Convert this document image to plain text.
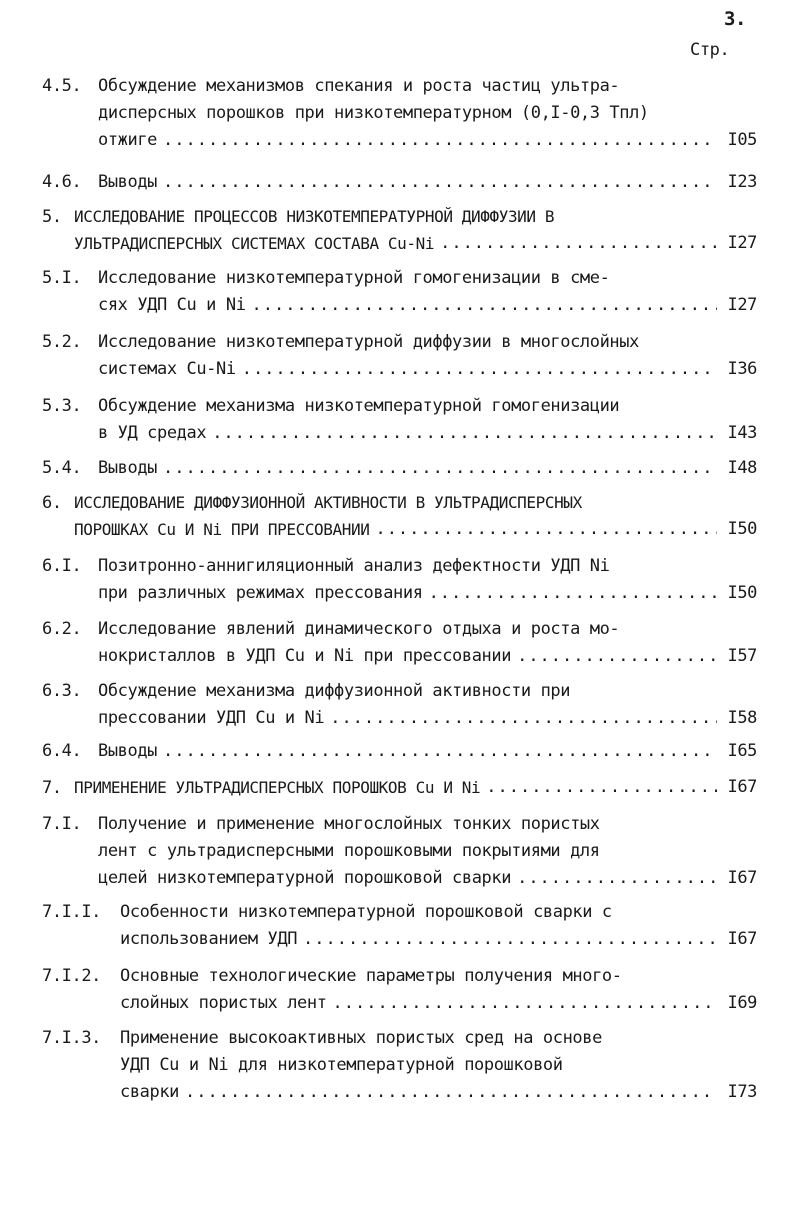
3.
Стр.
4.5. Обсуждение механизмов спекания и роста частиц ультра-
дисперсных порошков при низкотемпературном (0,I-0,3 Tпл)
отжиге .....	I05
4.6. Выводы .....	I23
5. ИССЛЕДОВАНИЕ ПРОЦЕССОВ НИЗКОТЕМПЕРАТУРНОЙ ДИФФУЗИИ В
УЛЬТРАДИСПЕРСНЫХ СИСТЕМАХ СОСТАВА Cu-Ni .....	I27
5.I. Исследование низкотемпературной гомогенизации в сме-
сях УДП Cu и Ni .....	I27
5.2. Исследование низкотемпературной диффузии в многослойных
системах Cu-Ni .....	I36
5.3. Обсуждение механизма низкотемпературной гомогенизации
в УД средах .....	I43
5.4. Выводы .....	I48
6. ИССЛЕДОВАНИЕ ДИФФУЗИОННОЙ АКТИВНОСТИ В УЛЬТРАДИСПЕРСНЫХ
ПОРОШКАХ Cu И Ni ПРИ ПРЕССОВАНИИ .....	I50
6.I. Позитронно-аннигиляционный анализ дефектности УДП Ni
при различных режимах прессования .....	I50
6.2. Исследование явлений динамического отдыха и роста мо-
нокристаллов в УДП Cu и Ni при прессовании .....	I57
6.3. Обсуждение механизма диффузионной активности при
прессовании УДП Cu и Ni .....	I58
6.4. Выводы .....	I65
7. ПРИМЕНЕНИЕ УЛЬТРАДИСПЕРСНЫХ ПОРОШКОВ Cu И Ni .....	I67
7.I. Получение и применение многослойных тонких пористых
лент с ультрадисперсными порошковыми покрытиями для
целей низкотемпературной порошковой сварки .....	I67
7.I.I. Особенности низкотемпературной порошковой сварки с
использованием УДП .....	I67
7.I.2. Основные технологические параметры получения много-
слойных пористых лент .....	I69
7.I.3. Применение высокоактивных пористых сред на основе
УДП Cu и Ni для низкотемпературной порошковой
сварки .....	I73
